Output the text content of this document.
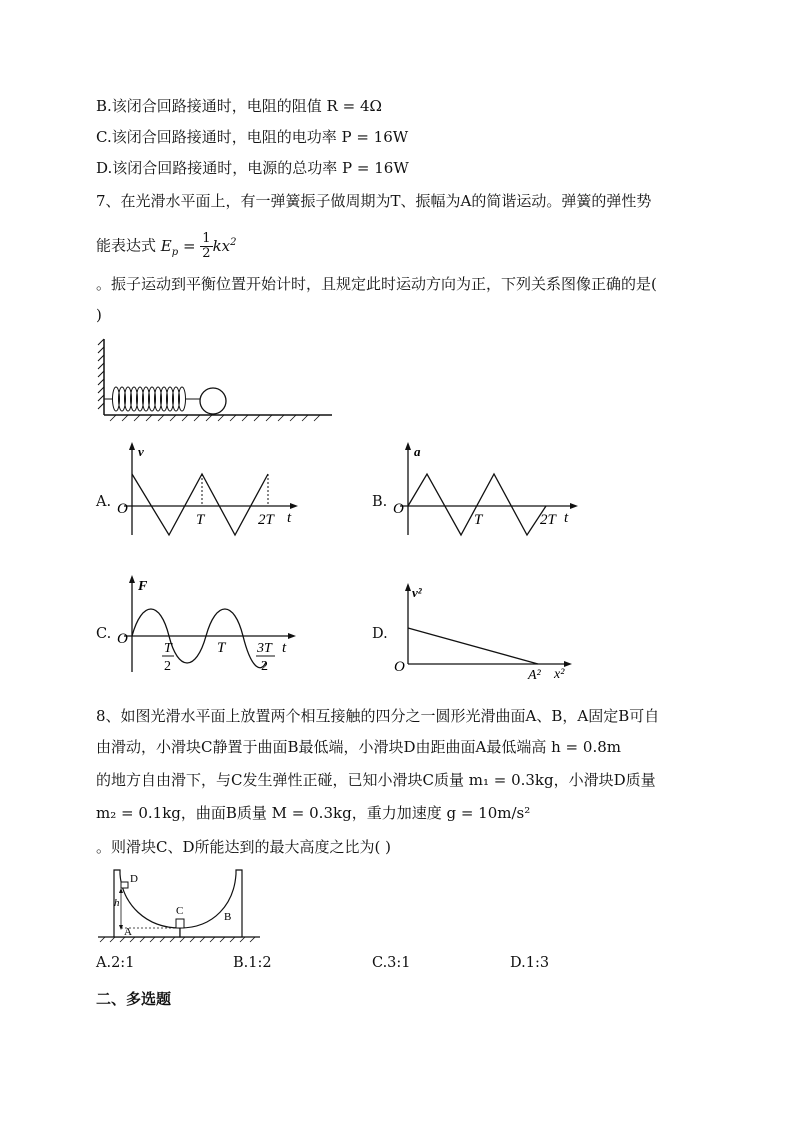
B.该闭合回路接通时，电阻的阻值 R = 4Ω
C.该闭合回路接通时，电阻的电功率 P = 16W
D.该闭合回路接通时，电源的总功率 P = 16W
7、在光滑水平面上，有一弹簧振子做周期为T、振幅为A的简谐运动。弹簧的弹性势
能表达式 $E_p = \frac{1}{2} kx^2$
。振子运动到平衡位置开始计时，且规定此时运动方向为正，下列关系图像正确的是(
)
A.
v
O
T	2T t
B.
a
O
T	2T t
C.
F
O
T
2
T 3T
2
t
D.
v²
O
A² x²
8、如图光滑水平面上放置两个相互接触的四分之一圆形光滑曲面A、B，A固定B可自
由滑动，小滑块C静置于曲面B最低端，小滑块D由距曲面A最低端高 h = 0.8m
的地方自由滑下，与C发生弹性正碰，已知小滑块C质量 m₁ = 0.3kg，小滑块D质量
m₂ = 0.1kg，曲面B质量 M = 0.3kg，重力加速度 g = 10m/s²
。则滑块C、D所能达到的最大高度之比为( )
D
h
C
A
B
A.2:1	B.1:2	C.3:1	D.1:3
二、多选题
